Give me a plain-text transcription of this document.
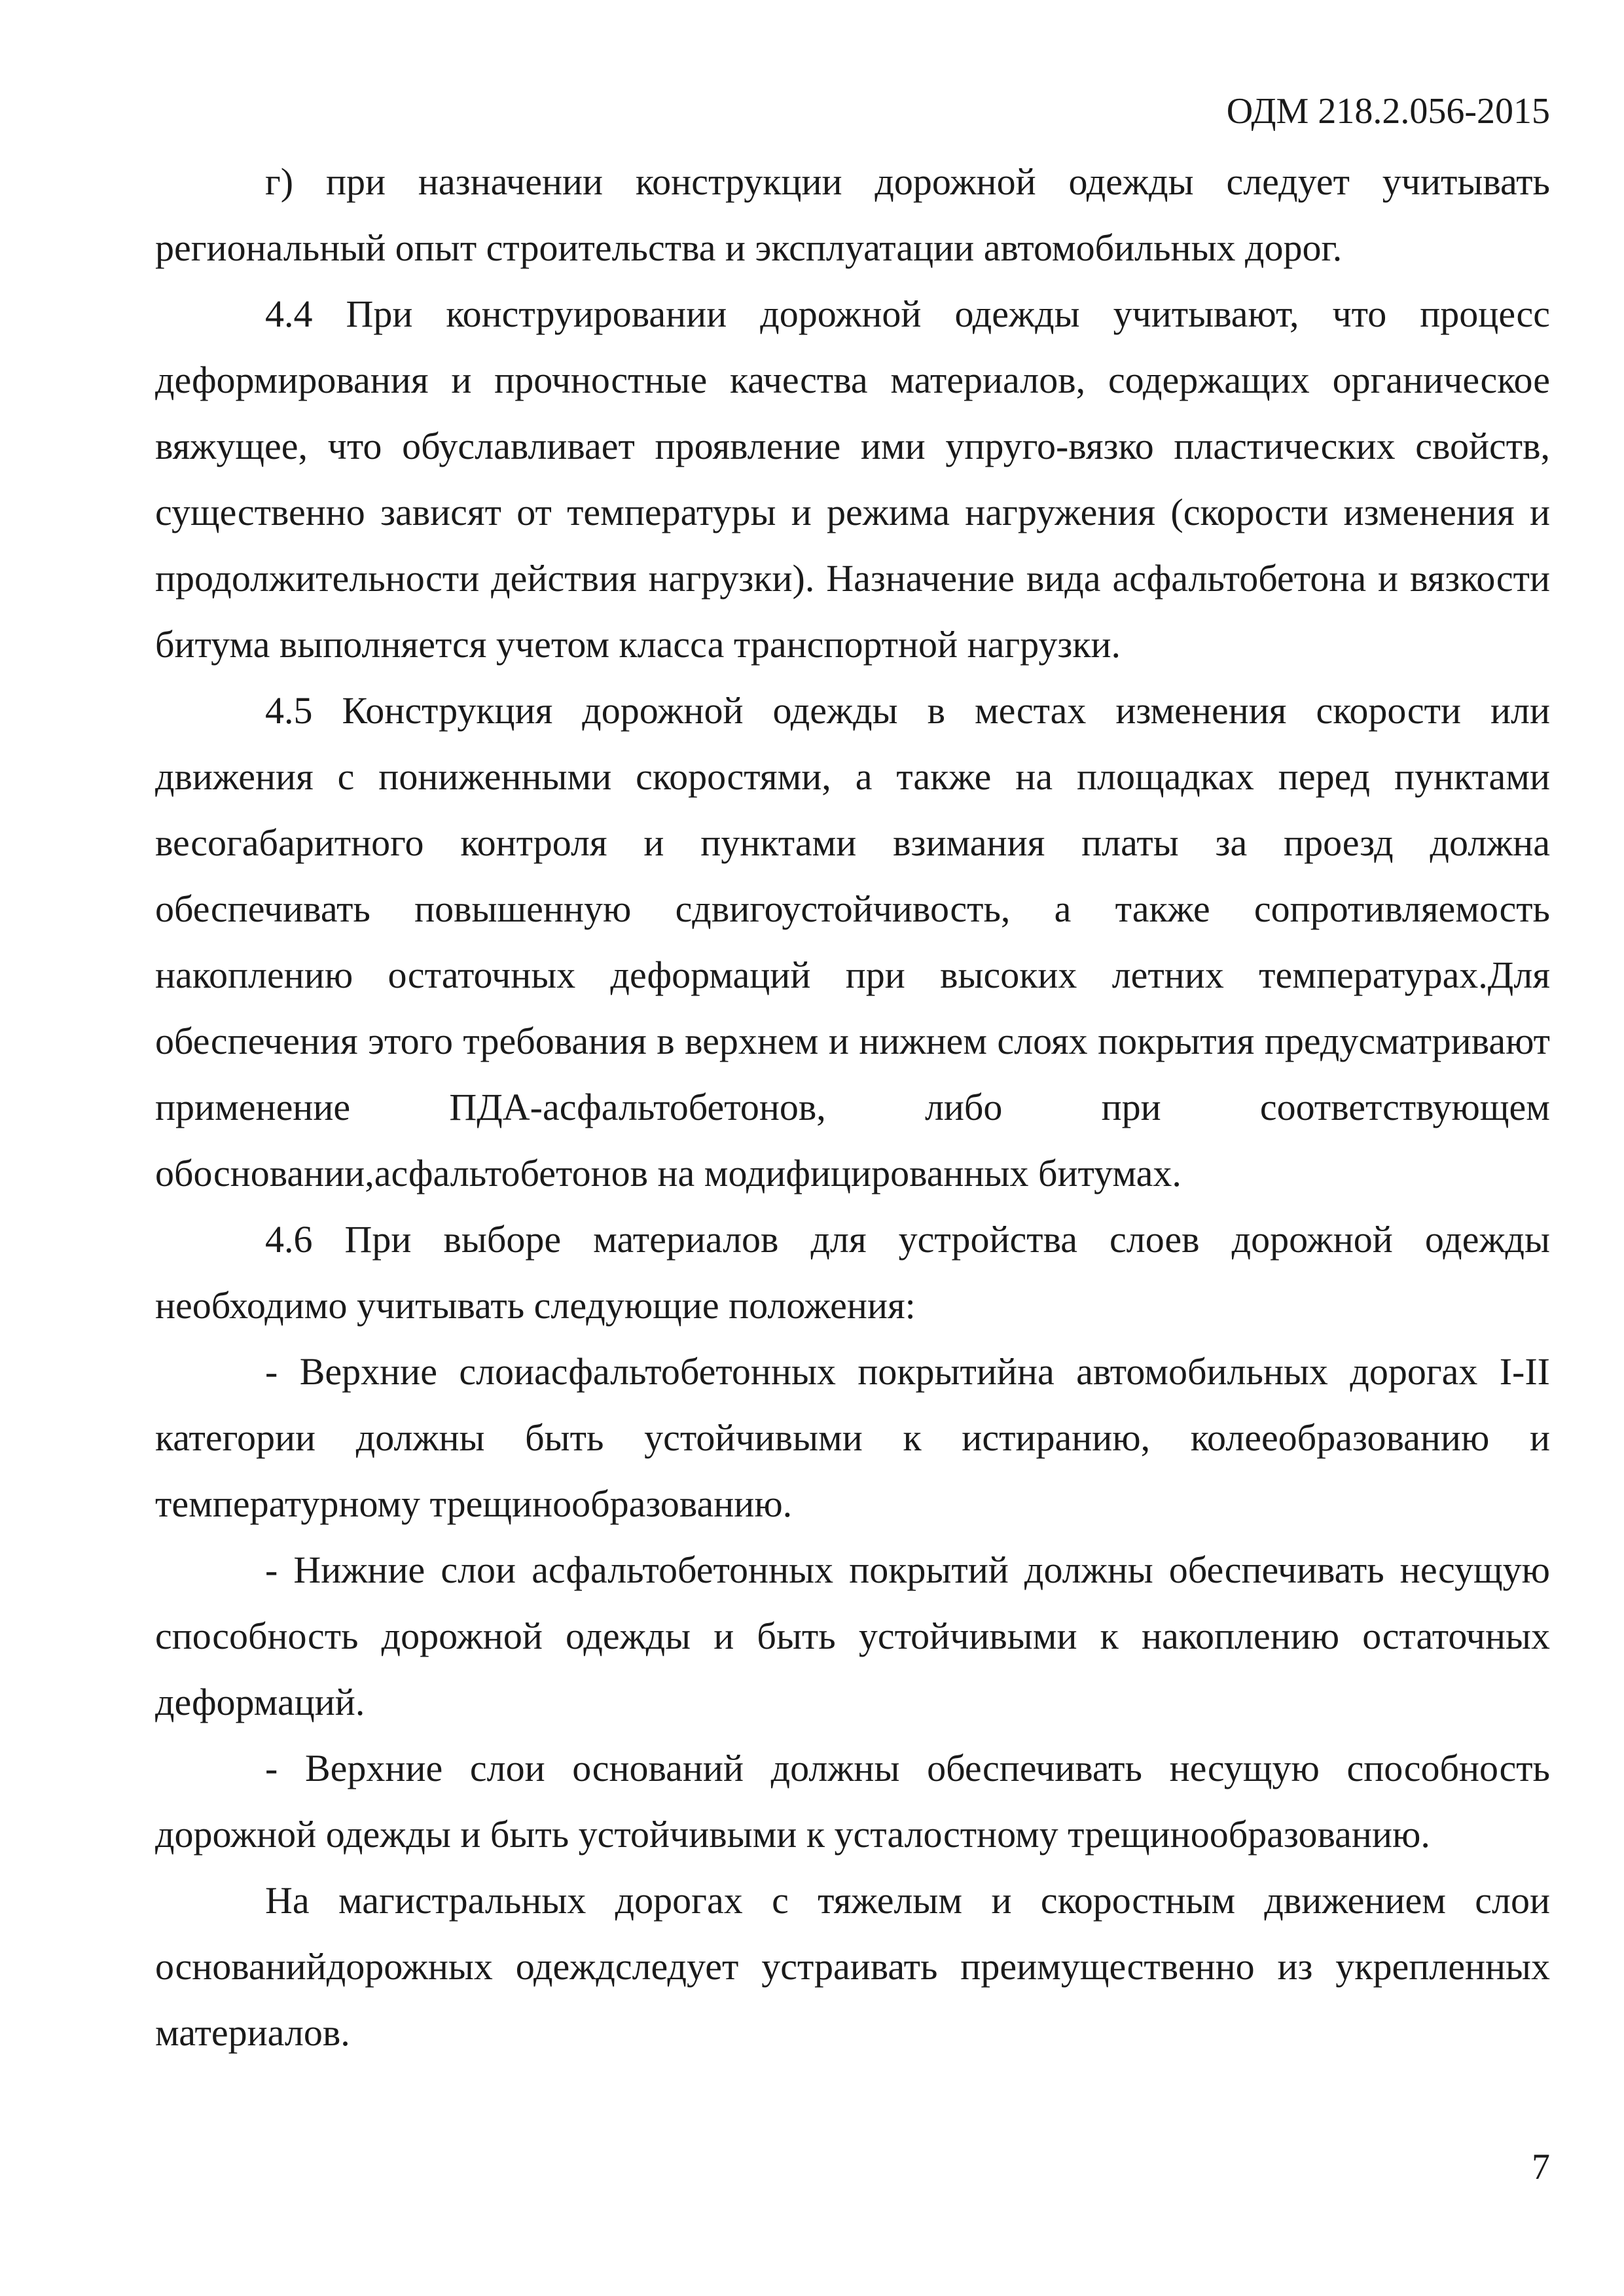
ОДМ 218.2.056-2015

г) при назначении конструкции дорожной одежды следует учитывать региональный опыт строительства и эксплуатации автомобильных дорог.

4.4 При конструировании дорожной одежды учитывают, что процесс деформирования и прочностные качества материалов, содержащих органическое вяжущее, что обуславливает проявление ими упруго-вязко пластических свойств, существенно зависят от температуры и режима нагружения (скорости изменения и продолжительности действия нагрузки). Назначение вида асфальтобетона и вязкости битума выполняется учетом класса транспортной нагрузки.

4.5 Конструкция дорожной одежды в местах изменения скорости или движения с пониженными скоростями, а также на площадках перед пунктами весогабаритного контроля и пунктами взимания платы за проезд должна обеспечивать повышенную сдвигоустойчивость, а также сопротивляемость накоплению остаточных деформаций при высоких летних температурах.Для обеспечения этого требования в верхнем и нижнем слоях покрытия предусматривают применение ПДА-асфальтобетонов, либо при соответствующем обосновании,асфальтобетонов на модифицированных битумах.

4.6 При выборе материалов для устройства слоев дорожной одежды необходимо учитывать следующие положения:

- Верхние слоиасфальтобетонных покрытийна автомобильных дорогах I-II категории должны быть устойчивыми к истиранию, колееобразованию и температурному трещинообразованию.

- Нижние слои асфальтобетонных покрытий должны обеспечивать несущую способность дорожной одежды и быть устойчивыми к накоплению остаточных деформаций.

- Верхние слои оснований должны обеспечивать несущую способность дорожной одежды и быть устойчивыми к усталостному трещинообразованию.

На магистральных дорогах с тяжелым и скоростным движением слои основанийдорожных одеждследует устраивать преимущественно из укрепленных материалов.

7
